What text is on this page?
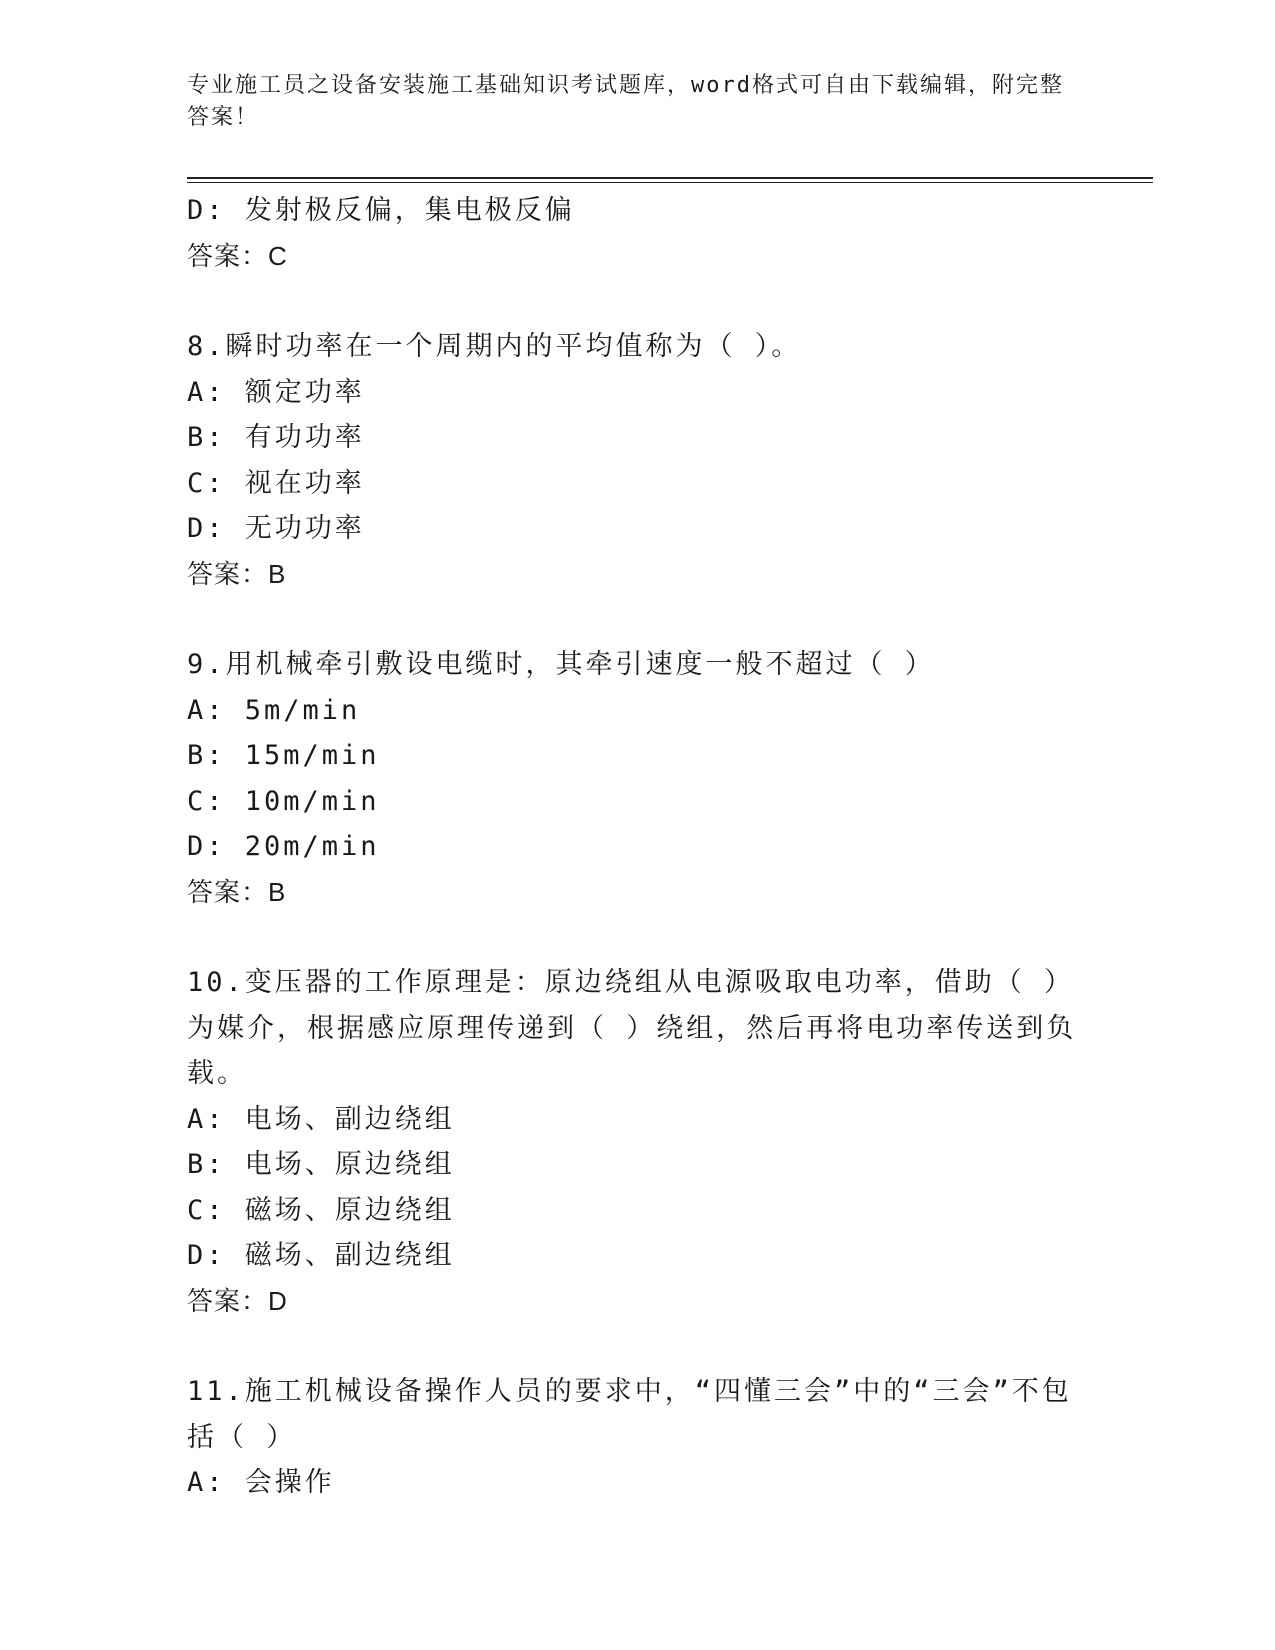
专业施工员之设备安装施工基础知识考试题库，word格式可自由下载编辑，附完整答案！
D: 发射极反偏，集电极反偏
答案：C
8.瞬时功率在一个周期内的平均值称为（ ）。
A: 额定功率
B: 有功功率
C: 视在功率
D: 无功功率
答案：B
9.用机械牵引敷设电缆时，其牵引速度一般不超过（ ）
A: 5m/min
B: 15m/min
C: 10m/min
D: 20m/min
答案：B
10.变压器的工作原理是：原边绕组从电源吸取电功率，借助（ ）为媒介，根据感应原理传递到（ ）绕组，然后再将电功率传送到负载。
A: 电场、副边绕组
B: 电场、原边绕组
C: 磁场、原边绕组
D: 磁场、副边绕组
答案：D
11.施工机械设备操作人员的要求中，“四懂三会”中的“三会”不包括（ ）
A: 会操作
